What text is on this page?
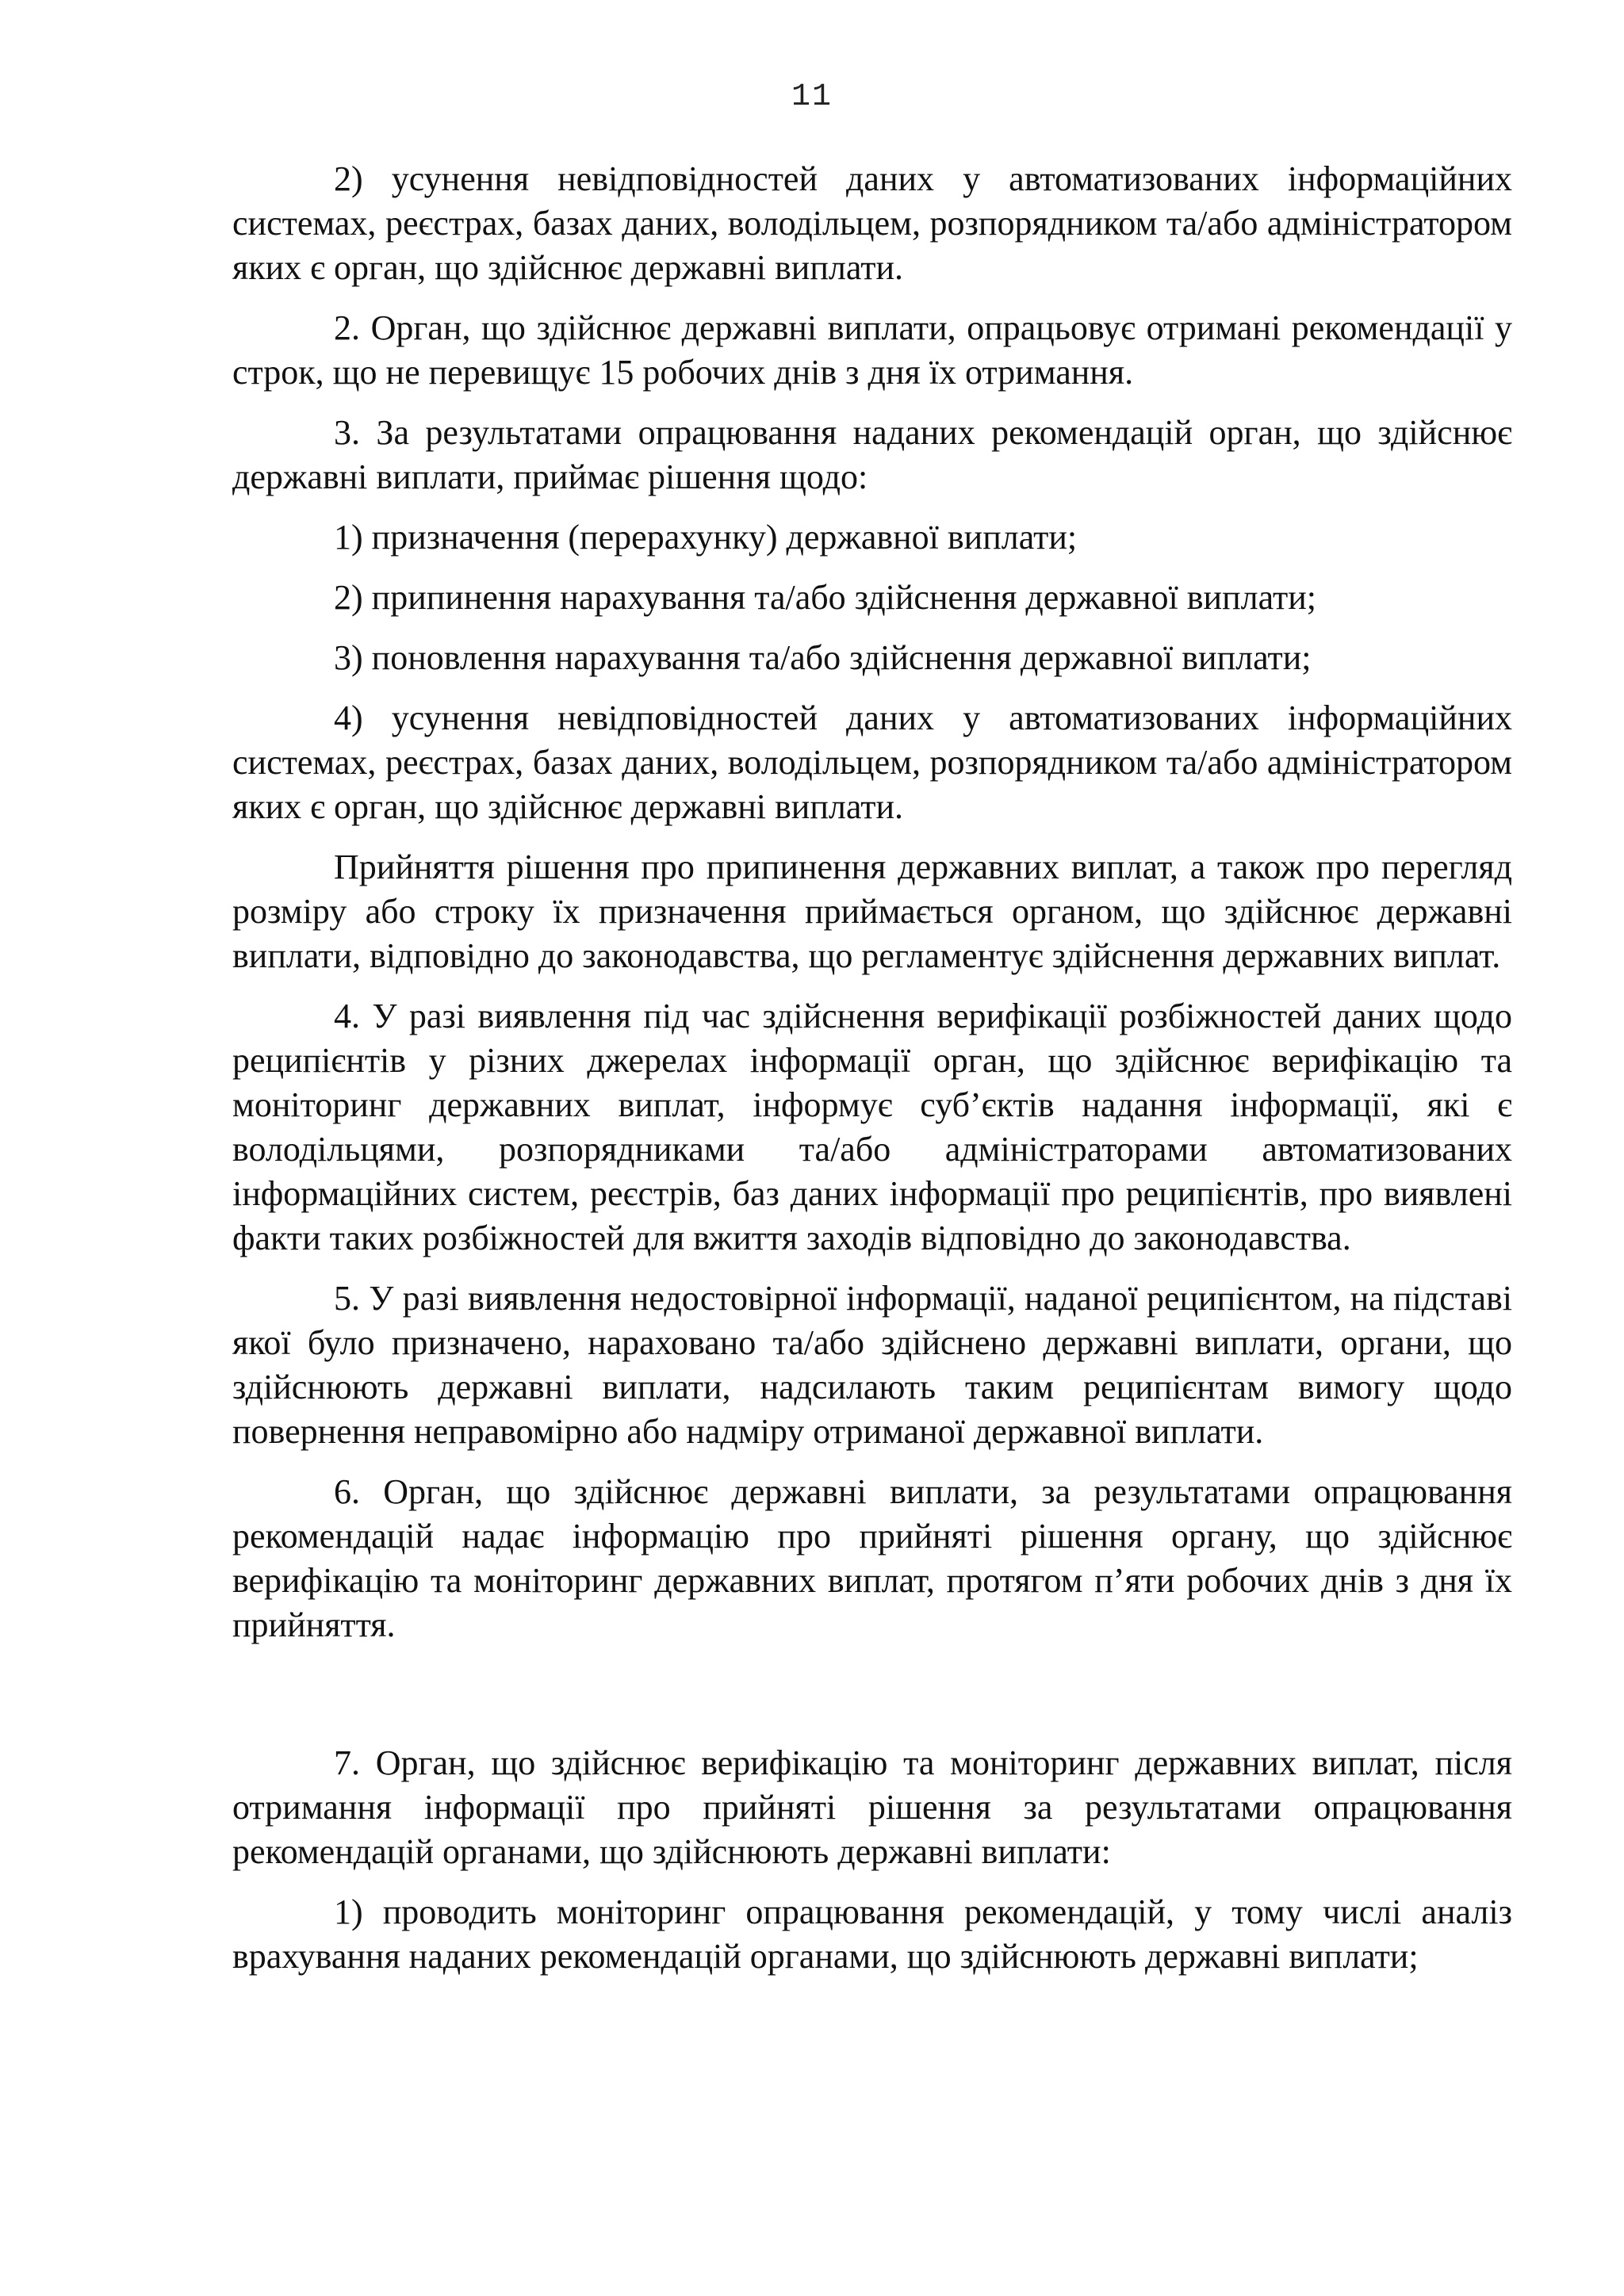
11

2) усунення невідповідностей даних у автоматизованих інформаційних системах, реєстрах, базах даних, володільцем, розпорядником та/або адміністратором яких є орган, що здійснює державні виплати.

2. Орган, що здійснює державні виплати, опрацьовує отримані рекомендації у строк, що не перевищує 15 робочих днів з дня їх отримання.

3. За результатами опрацювання наданих рекомендацій орган, що здійснює державні виплати, приймає рішення щодо:

1) призначення (перерахунку) державної виплати;

2) припинення нарахування та/або здійснення державної виплати;

3) поновлення нарахування та/або здійснення державної виплати;

4) усунення невідповідностей даних у автоматизованих інформаційних системах, реєстрах, базах даних, володільцем, розпорядником та/або адміністратором яких є орган, що здійснює державні виплати.

Прийняття рішення про припинення державних виплат, а також про перегляд розміру або строку їх призначення приймається органом, що здійснює державні виплати, відповідно до законодавства, що регламентує здійснення державних виплат.

4. У разі виявлення під час здійснення верифікації розбіжностей даних щодо реципієнтів у різних джерелах інформації орган, що здійснює верифікацію та моніторинг державних виплат, інформує суб’єктів надання інформації, які є володільцями, розпорядниками та/або адміністраторами автоматизованих інформаційних систем, реєстрів, баз даних інформації про реципієнтів, про виявлені факти таких розбіжностей для вжиття заходів відповідно до законодавства.

5. У разі виявлення недостовірної інформації, наданої реципієнтом, на підставі якої було призначено, нараховано та/або здійснено державні виплати, органи, що здійснюють державні виплати, надсилають таким реципієнтам вимогу щодо повернення неправомірно або надміру отриманої державної виплати.

6. Орган, що здійснює державні виплати, за результатами опрацювання рекомендацій надає інформацію про прийняті рішення органу, що здійснює верифікацію та моніторинг державних виплат, протягом п’яти робочих днів з дня їх прийняття.

7. Орган, що здійснює верифікацію та моніторинг державних виплат, після отримання інформації про прийняті рішення за результатами опрацювання рекомендацій органами, що здійснюють державні виплати:

1) проводить моніторинг опрацювання рекомендацій, у тому числі аналіз врахування наданих рекомендацій органами, що здійснюють державні виплати;
